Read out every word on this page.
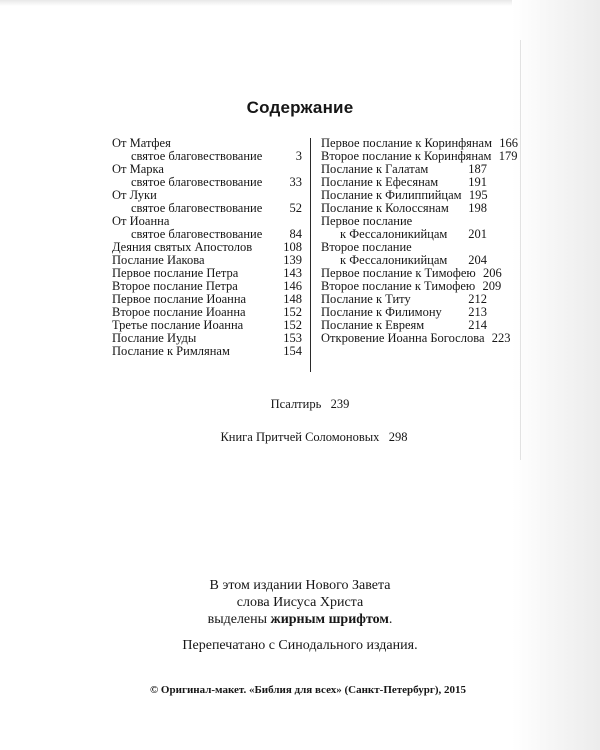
Содержание
От Матфея
святое благовествование	3
От Марка
святое благовествование	33
От Луки
святое благовествование	52
От Иоанна
святое благовествование	84
Деяния святых Апостолов	108
Послание Иакова	139
Первое послание Петра	143
Второе послание Петра	146
Первое послание Иоанна	148
Второе послание Иоанна	152
Третье послание Иоанна	152
Послание Иуды	153
Послание к Римлянам	154
Первое послание к Коринфянам 166
Второе послание к Коринфянам 179
Послание к Галатам	187
Послание к Ефесянам	191
Послание к Филиппийцам 195
Послание к Колоссянам	198
Первое послание
к Фессалоникийцам	201
Второе послание
к Фессалоникийцам	204
Первое послание к Тимофею 206
Второе послание к Тимофею 209
Послание к Титу	212
Послание к Филимону	213
Послание к Евреям	214
Откровение Иоанна Богослова 223
Псалтирь 239
Книга Притчей Соломоновых 298
В этом издании Нового Завета
слова Иисуса Христа
выделены жирным шрифтом.
Перепечатано с Синодального издания.
© Оригинал-макет. «Библия для всех» (Санкт-Петербург), 2015
